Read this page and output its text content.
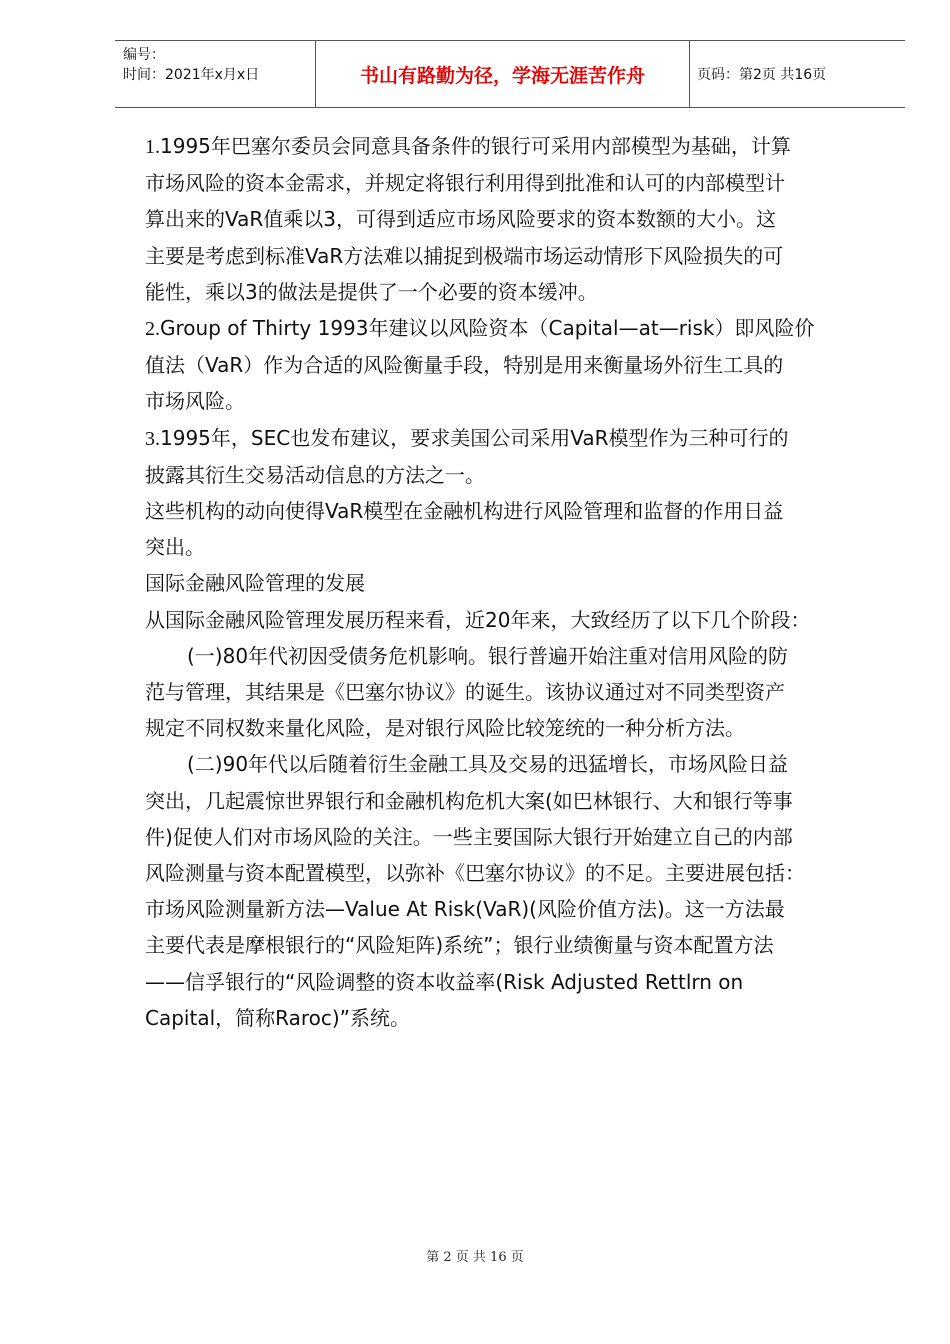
编号：
时间：2021年x月x日	书山有路勤为径，学海无涯苦作舟	页码：第2页 共16页

1.1995年巴塞尔委员会同意具备条件的银行可采用内部模型为基础，计算

市场风险的资本金需求，并规定将银行利用得到批准和认可的内部模型计

算出来的VaR值乘以3，可得到适应市场风险要求的资本数额的大小。这

主要是考虑到标准VaR方法难以捕捉到极端市场运动情形下风险损失的可

能性，乘以3的做法是提供了一个必要的资本缓冲。

2.Group of Thirty 1993年建议以风险资本（Capital—at—risk）即风险价

值法（VaR）作为合适的风险衡量手段，特别是用来衡量场外衍生工具的

市场风险。

3.1995年，SEC也发布建议，要求美国公司采用VaR模型作为三种可行的

披露其衍生交易活动信息的方法之一。

这些机构的动向使得VaR模型在金融机构进行风险管理和监督的作用日益

突出。

国际金融风险管理的发展

从国际金融风险管理发展历程来看，近20年来，大致经历了以下几个阶段：

(一)80年代初因受债务危机影响。银行普遍开始注重对信用风险的防

范与管理，其结果是《巴塞尔协议》的诞生。该协议通过对不同类型资产

规定不同权数来量化风险，是对银行风险比较笼统的一种分析方法。

(二)90年代以后随着衍生金融工具及交易的迅猛增长，市场风险日益

突出，几起震惊世界银行和金融机构危机大案(如巴林银行、大和银行等事

件)促使人们对市场风险的关注。一些主要国际大银行开始建立自己的内部

风险测量与资本配置模型，以弥补《巴塞尔协议》的不足。主要进展包括：

市场风险测量新方法—Value At Risk(VaR)(风险价值方法)。这一方法最

主要代表是摩根银行的“风险矩阵)系统”；银行业绩衡量与资本配置方法

——信孚银行的“风险调整的资本收益率(Risk Adjusted Rettlrn on

Capital，简称Raroc)”系统。

第 2 页 共 16 页
